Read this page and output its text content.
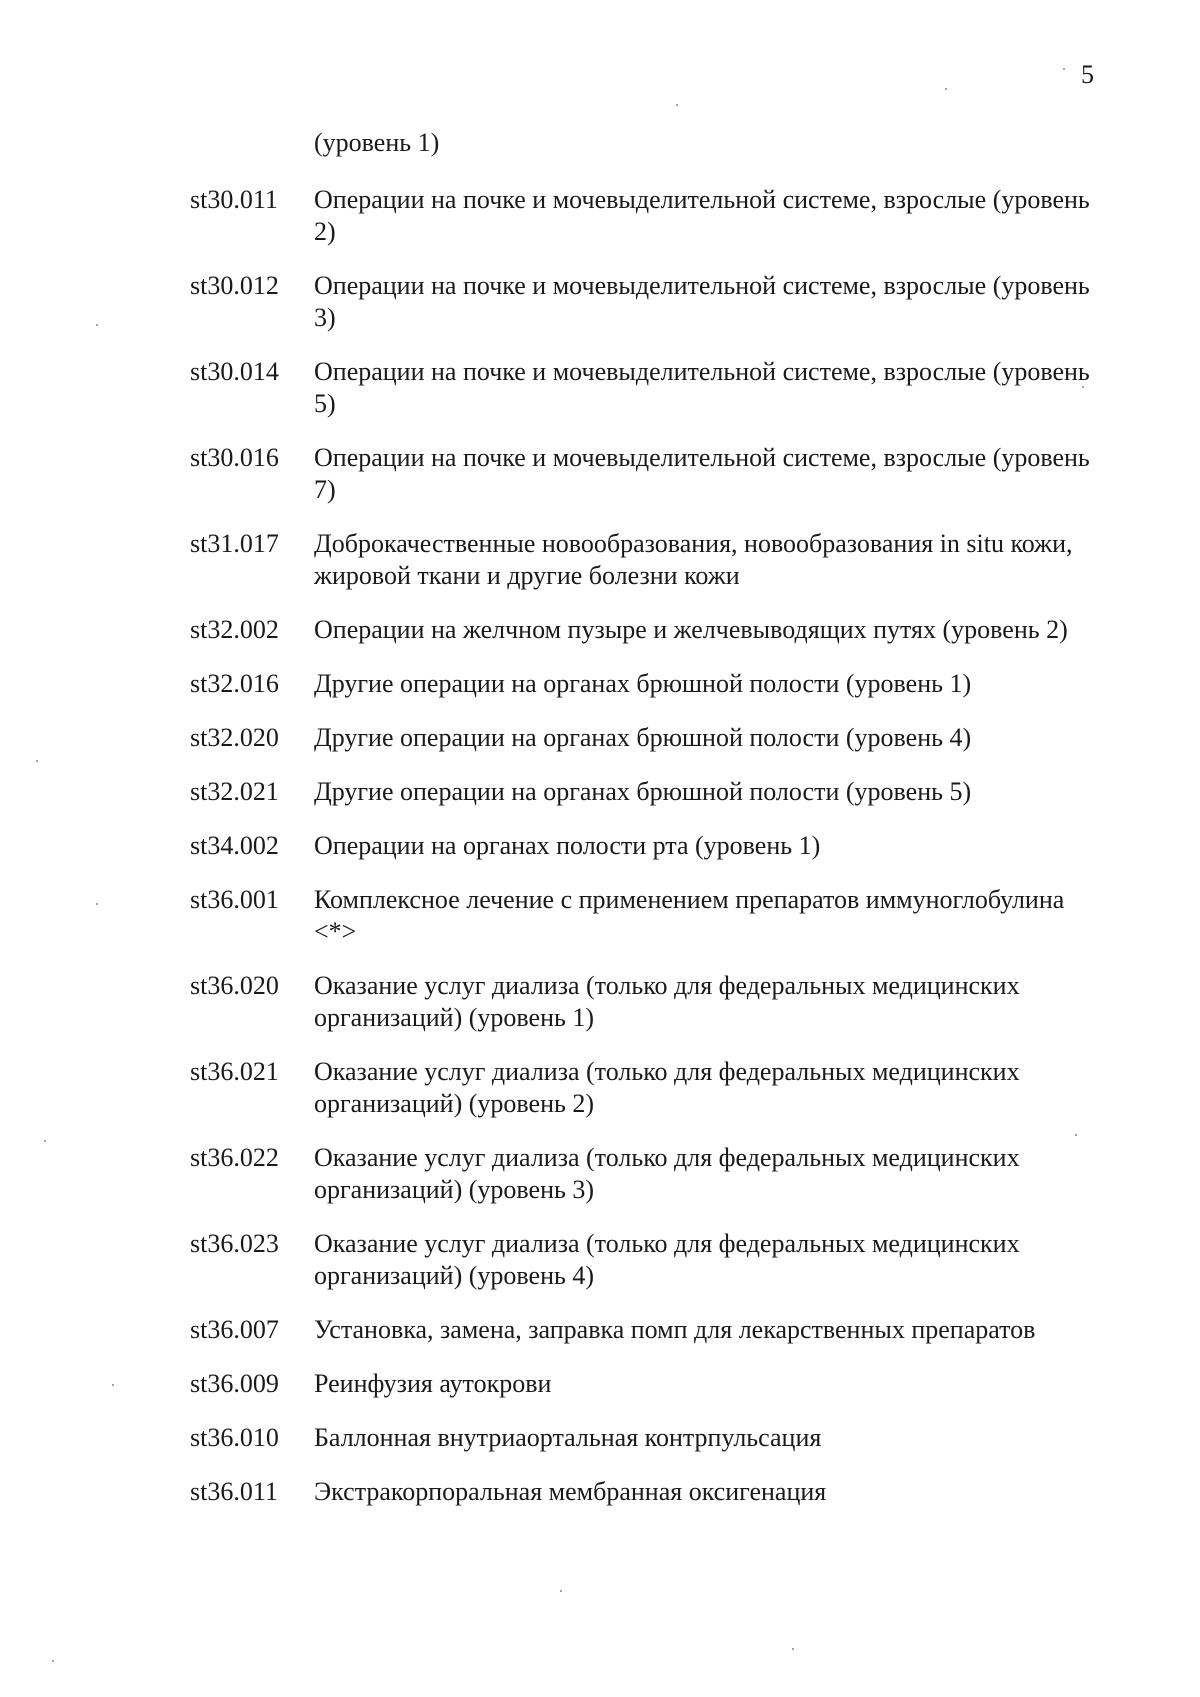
5
(уровень 1)
st30.011	Операции на почке и мочевыделительной системе, взрослые (уровень 2)
st30.012	Операции на почке и мочевыделительной системе, взрослые (уровень 3)
st30.014	Операции на почке и мочевыделительной системе, взрослые (уровень 5)
st30.016	Операции на почке и мочевыделительной системе, взрослые (уровень 7)
st31.017	Доброкачественные новообразования, новообразования in situ кожи, жировой ткани и другие болезни кожи
st32.002	Операции на желчном пузыре и желчевыводящих путях (уровень 2)
st32.016	Другие операции на органах брюшной полости (уровень 1)
st32.020	Другие операции на органах брюшной полости (уровень 4)
st32.021	Другие операции на органах брюшной полости (уровень 5)
st34.002	Операции на органах полости рта (уровень 1)
st36.001	Комплексное лечение с применением препаратов иммуноглобулина <*>
st36.020	Оказание услуг диализа (только для федеральных медицинских организаций) (уровень 1)
st36.021	Оказание услуг диализа (только для федеральных медицинских организаций) (уровень 2)
st36.022	Оказание услуг диализа (только для федеральных медицинских организаций) (уровень 3)
st36.023	Оказание услуг диализа (только для федеральных медицинских организаций) (уровень 4)
st36.007	Установка, замена, заправка помп для лекарственных препаратов
st36.009	Реинфузия аутокрови
st36.010	Баллонная внутриаортальная контрпульсация
st36.011	Экстракорпоральная мембранная оксигенация
